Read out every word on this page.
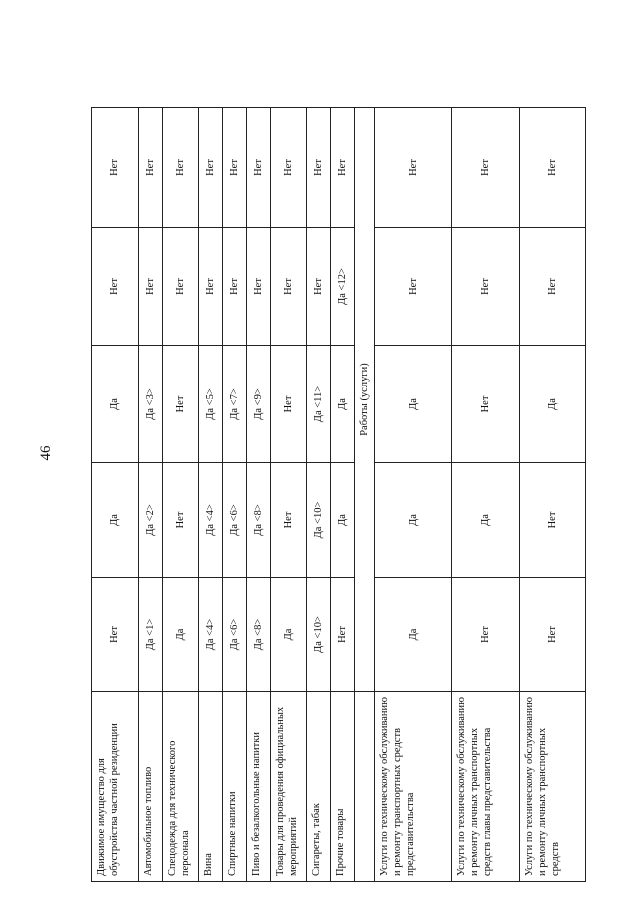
46
Движимое имущество для обустройства частной резиденции	Нет	Да	Да	Нет	Нет
Автомобильное топливо	Да <1>	Да <2>	Да <3>	Нет	Нет
Спецодежда для технического персонала	Да	Нет	Нет	Нет	Нет
Вина	Да <4>	Да <4>	Да <5>	Нет	Нет
Спиртные напитки	Да <6>	Да <6>	Да <7>	Нет	Нет
Пиво и безалкогольные напитки	Да <8>	Да <8>	Да <9>	Нет	Нет
Товары для проведения официальных мероприятий	Да	Нет	Нет	Нет	Нет
Сигареты, табак	Да <10>	Да <10>	Да <11>	Нет	Нет
Прочие товары	Нет	Да	Да	Да <12>	Нет
	Работы (услуги)				
Услуги по техническому обслуживанию и ремонту транспортных средств представительства	Да	Да	Да	Нет	Нет
Услуги по техническому обслуживанию и ремонту личных транспортных средств главы представительства	Нет	Да	Нет	Нет	Нет
Услуги по техническому обслуживанию и ремонту личных транспортных средств	Нет	Нет	Да	Нет	Нет
